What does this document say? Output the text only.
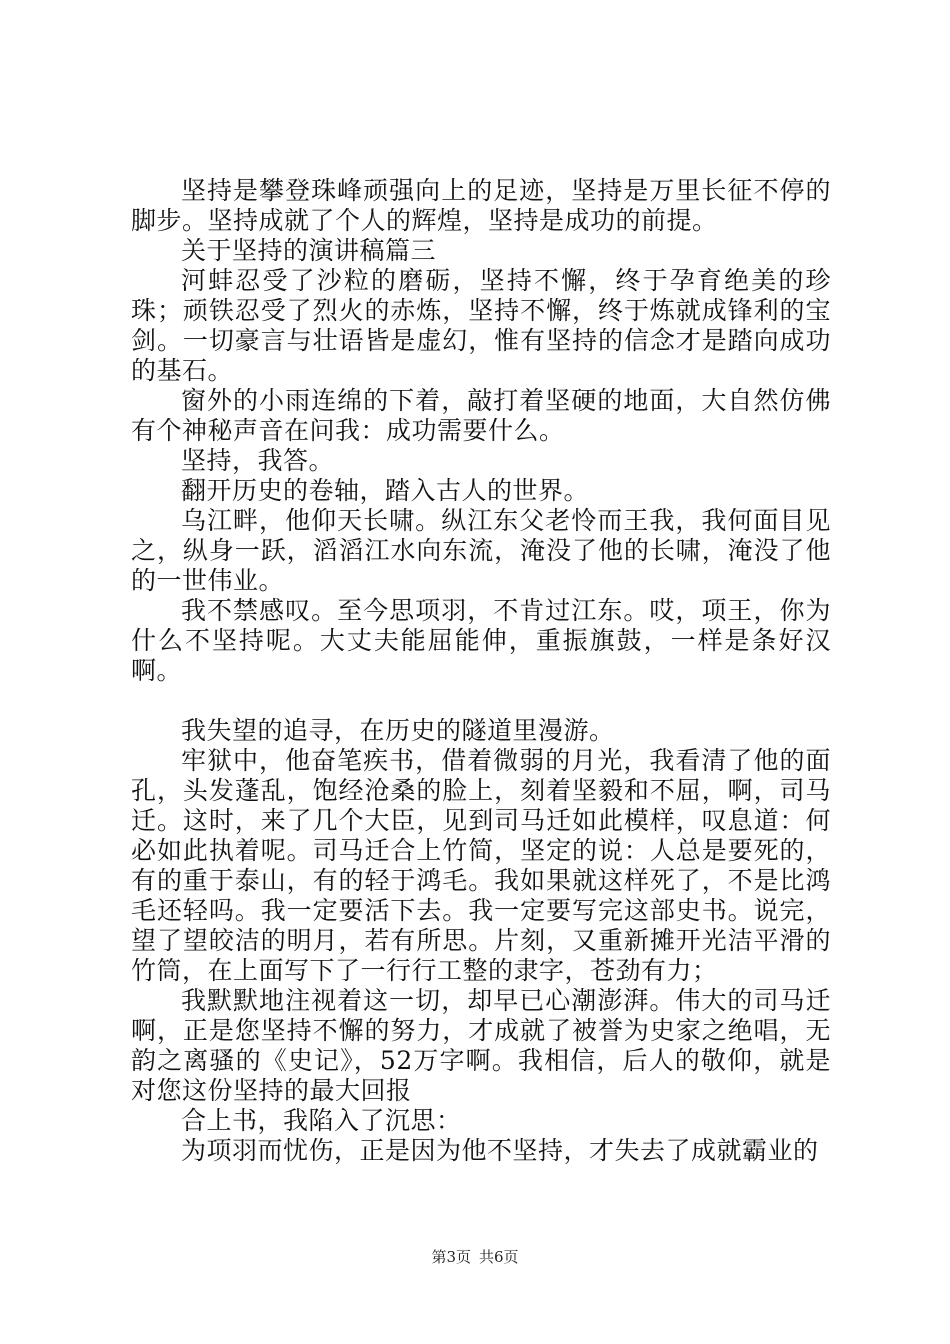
坚持是攀登珠峰顽强向上的足迹，坚持是万里长征不停的脚步。坚持成就了个人的辉煌，坚持是成功的前提。

关于坚持的演讲稿篇三

河蚌忍受了沙粒的磨砺，坚持不懈，终于孕育绝美的珍珠；顽铁忍受了烈火的赤炼，坚持不懈，终于炼就成锋利的宝剑。一切豪言与壮语皆是虚幻，惟有坚持的信念才是踏向成功的基石。

窗外的小雨连绵的下着，敲打着坚硬的地面，大自然仿佛有个神秘声音在问我：成功需要什么。

坚持，我答。

翻开历史的卷轴，踏入古人的世界。

乌江畔，他仰天长啸。纵江东父老怜而王我，我何面目见之，纵身一跃，滔滔江水向东流，淹没了他的长啸，淹没了他的一世伟业。

我不禁感叹。至今思项羽，不肯过江东。哎，项王，你为什么不坚持呢。大丈夫能屈能伸，重振旗鼓，一样是条好汉啊。

我失望的追寻，在历史的隧道里漫游。

牢狱中，他奋笔疾书，借着微弱的月光，我看清了他的面孔，头发蓬乱，饱经沧桑的脸上，刻着坚毅和不屈，啊，司马迁。这时，来了几个大臣，见到司马迁如此模样，叹息道：何必如此执着呢。司马迁合上竹简，坚定的说：人总是要死的，有的重于泰山，有的轻于鸿毛。我如果就这样死了，不是比鸿毛还轻吗。我一定要活下去。我一定要写完这部史书。说完，望了望皎洁的明月，若有所思。片刻，又重新摊开光洁平滑的竹筒，在上面写下了一行行工整的隶字，苍劲有力；

我默默地注视着这一切，却早已心潮澎湃。伟大的司马迁啊，正是您坚持不懈的努力，才成就了被誉为史家之绝唱，无韵之离骚的《史记》，52万字啊。我相信，后人的敬仰，就是对您这份坚持的最大回报

合上书，我陷入了沉思：

为项羽而忧伤，正是因为他不坚持，才失去了成就霸业的

第3页 共6页
